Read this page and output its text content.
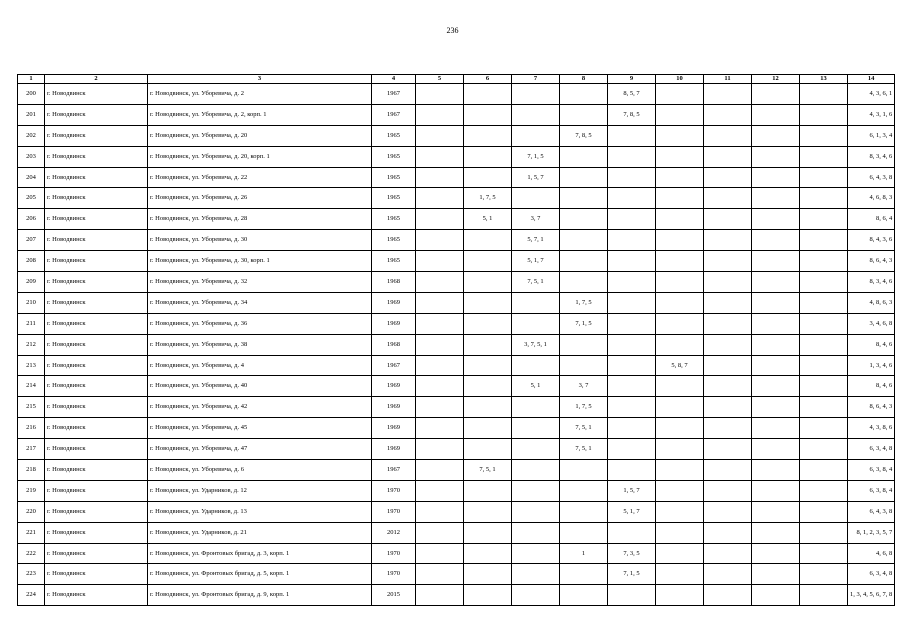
236
1	2	3	4	5	6	7	8	9	10	11	12	13	14
200	г. Новодвинск	г. Новодвинск, ул. Уборевича, д. 2	1967					8, 5, 7					4, 3, 6, 1
201	г. Новодвинск	г. Новодвинск, ул. Уборевича, д. 2, корп. 1	1967					7, 8, 5					4, 3, 1, 6
202	г. Новодвинск	г. Новодвинск, ул. Уборевича, д. 20	1965				7, 8, 5						6, 1, 3, 4
203	г. Новодвинск	г. Новодвинск, ул. Уборевича, д. 20, корп. 1	1965			7, 1, 5							8, 3, 4, 6
204	г. Новодвинск	г. Новодвинск, ул. Уборевича, д. 22	1965			1, 5, 7							6, 4, 3, 8
205	г. Новодвинск	г. Новодвинск, ул. Уборевича, д. 26	1965		1, 7, 5								4, 6, 8, 3
206	г. Новодвинск	г. Новодвинск, ул. Уборевича, д. 28	1965		5, 1	3, 7							8, 6, 4
207	г. Новодвинск	г. Новодвинск, ул. Уборевича, д. 30	1965			5, 7, 1							8, 4, 3, 6
208	г. Новодвинск	г. Новодвинск, ул. Уборевича, д. 30, корп. 1	1965			5, 1, 7							8, 6, 4, 3
209	г. Новодвинск	г. Новодвинск, ул. Уборевича, д. 32	1968			7, 5, 1							8, 3, 4, 6
210	г. Новодвинск	г. Новодвинск, ул. Уборевича, д. 34	1969				1, 7, 5						4, 8, 6, 3
211	г. Новодвинск	г. Новодвинск, ул. Уборевича, д. 36	1969				7, 1, 5						3, 4, 6, 8
212	г. Новодвинск	г. Новодвинск, ул. Уборевича, д. 38	1968			3, 7, 5, 1							8, 4, 6
213	г. Новодвинск	г. Новодвинск, ул. Уборевича, д. 4	1967						5, 8, 7				1, 3, 4, 6
214	г. Новодвинск	г. Новодвинск, ул. Уборевича, д. 40	1969			5, 1	3, 7						8, 4, 6
215	г. Новодвинск	г. Новодвинск, ул. Уборевича, д. 42	1969				1, 7, 5						8, 6, 4, 3
216	г. Новодвинск	г. Новодвинск, ул. Уборевича, д. 45	1969				7, 5, 1						4, 3, 8, 6
217	г. Новодвинск	г. Новодвинск, ул. Уборевича, д. 47	1969				7, 5, 1						6, 3, 4, 8
218	г. Новодвинск	г. Новодвинск, ул. Уборевича, д. 6	1967		7, 5, 1								6, 3, 8, 4
219	г. Новодвинск	г. Новодвинск, ул. Ударников, д. 12	1970					1, 5, 7					6, 3, 8, 4
220	г. Новодвинск	г. Новодвинск, ул. Ударников, д. 13	1970					5, 1, 7					6, 4, 3, 8
221	г. Новодвинск	г. Новодвинск, ул. Ударников, д. 21	2012										8, 1, 2, 3, 5, 7
222	г. Новодвинск	г. Новодвинск, ул. Фронтовых бригад, д. 3, корп. 1	1970				1	7, 3, 5					4, 6, 8
223	г. Новодвинск	г. Новодвинск, ул. Фронтовых бригад, д. 5, корп. 1	1970					7, 1, 5					6, 3, 4, 8
224	г. Новодвинск	г. Новодвинск, ул. Фронтовых бригад, д. 9, корп. 1	2015										1, 3, 4, 5, 6, 7, 8
